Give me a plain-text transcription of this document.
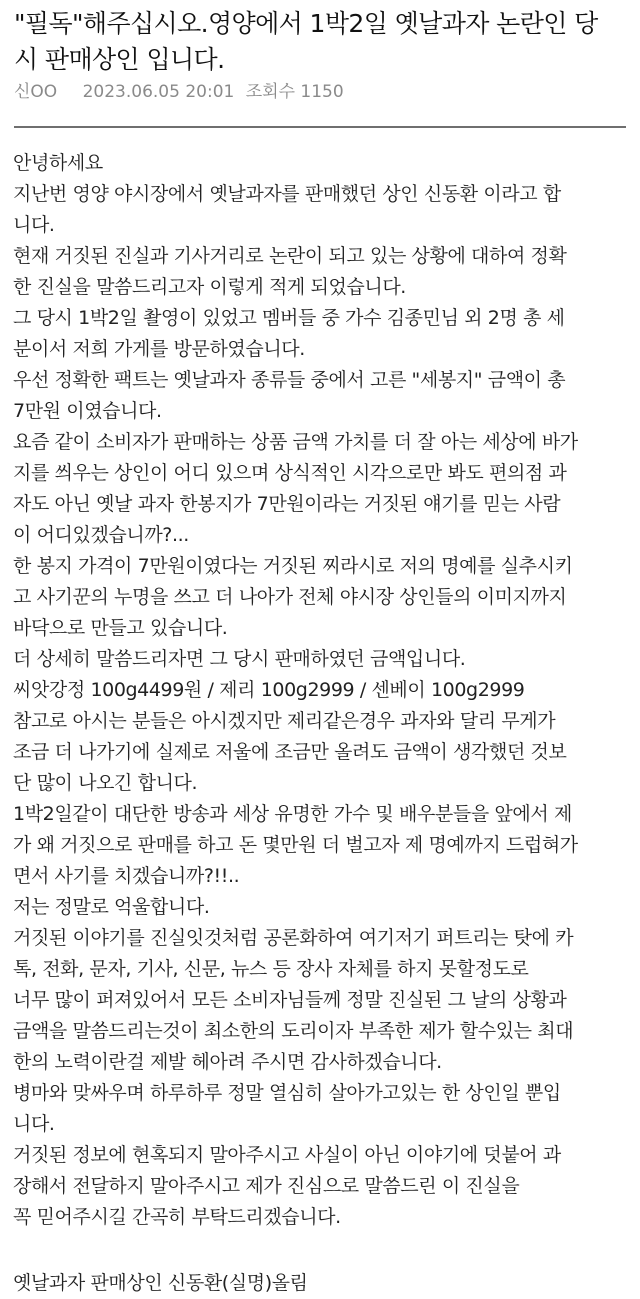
"필독"해주십시오.영양에서 1박2일 옛날과자 논란인 당
시 판매상인 입니다.
신OO 2023.06.05 20:01 조회수 1150
안녕하세요
지난번 영양 야시장에서 옛날과자를 판매했던 상인 신동환 이라고 합
니다.
현재 거짓된 진실과 기사거리로 논란이 되고 있는 상황에 대하여 정확
한 진실을 말씀드리고자 이렇게 적게 되었습니다.
그 당시 1박2일 촬영이 있었고 멤버들 중 가수 김종민님 외 2명 총 세
분이서 저희 가게를 방문하였습니다.
우선 정확한 팩트는 옛날과자 종류들 중에서 고른 "세봉지" 금액이 총
7만원 이였습니다.
요즘 같이 소비자가 판매하는 상품 금액 가치를 더 잘 아는 세상에 바가
지를 씌우는 상인이 어디 있으며 상식적인 시각으로만 봐도 편의점 과
자도 아닌 옛날 과자 한봉지가 7만원이라는 거짓된 얘기를 믿는 사람
이 어디있겠습니까?...
한 봉지 가격이 7만원이였다는 거짓된 찌라시로 저의 명예를 실추시키
고 사기꾼의 누명을 쓰고 더 나아가 전체 야시장 상인들의 이미지까지
바닥으로 만들고 있습니다.
더 상세히 말씀드리자면 그 당시 판매하였던 금액입니다.
씨앗강정 100g4499원 / 제리 100g2999 / 센베이 100g2999
참고로 아시는 분들은 아시겠지만 제리같은경우 과자와 달리 무게가
조금 더 나가기에 실제로 저울에 조금만 올려도 금액이 생각했던 것보
단 많이 나오긴 합니다.
1박2일같이 대단한 방송과 세상 유명한 가수 및 배우분들을 앞에서 제
가 왜 거짓으로 판매를 하고 돈 몇만원 더 벌고자 제 명예까지 드럽혀가
면서 사기를 치겠습니까?!!..
저는 정말로 억울합니다.
거짓된 이야기를 진실잇것처럼 공론화하여 여기저기 퍼트리는 탓에 카
톡, 전화, 문자, 기사, 신문, 뉴스 등 장사 자체를 하지 못할정도로
너무 많이 퍼져있어서 모든 소비자님들께 정말 진실된 그 날의 상황과
금액을 말씀드리는것이 최소한의 도리이자 부족한 제가 할수있는 최대
한의 노력이란걸 제발 헤아려 주시면 감사하겠습니다.
병마와 맞싸우며 하루하루 정말 열심히 살아가고있는 한 상인일 뿐입
니다.
거짓된 정보에 현혹되지 말아주시고 사실이 아닌 이야기에 덧붙어 과
장해서 전달하지 말아주시고 제가 진심으로 말씀드린 이 진실을
꼭 믿어주시길 간곡히 부탁드리겠습니다.
옛날과자 판매상인 신동환(실명)올림
